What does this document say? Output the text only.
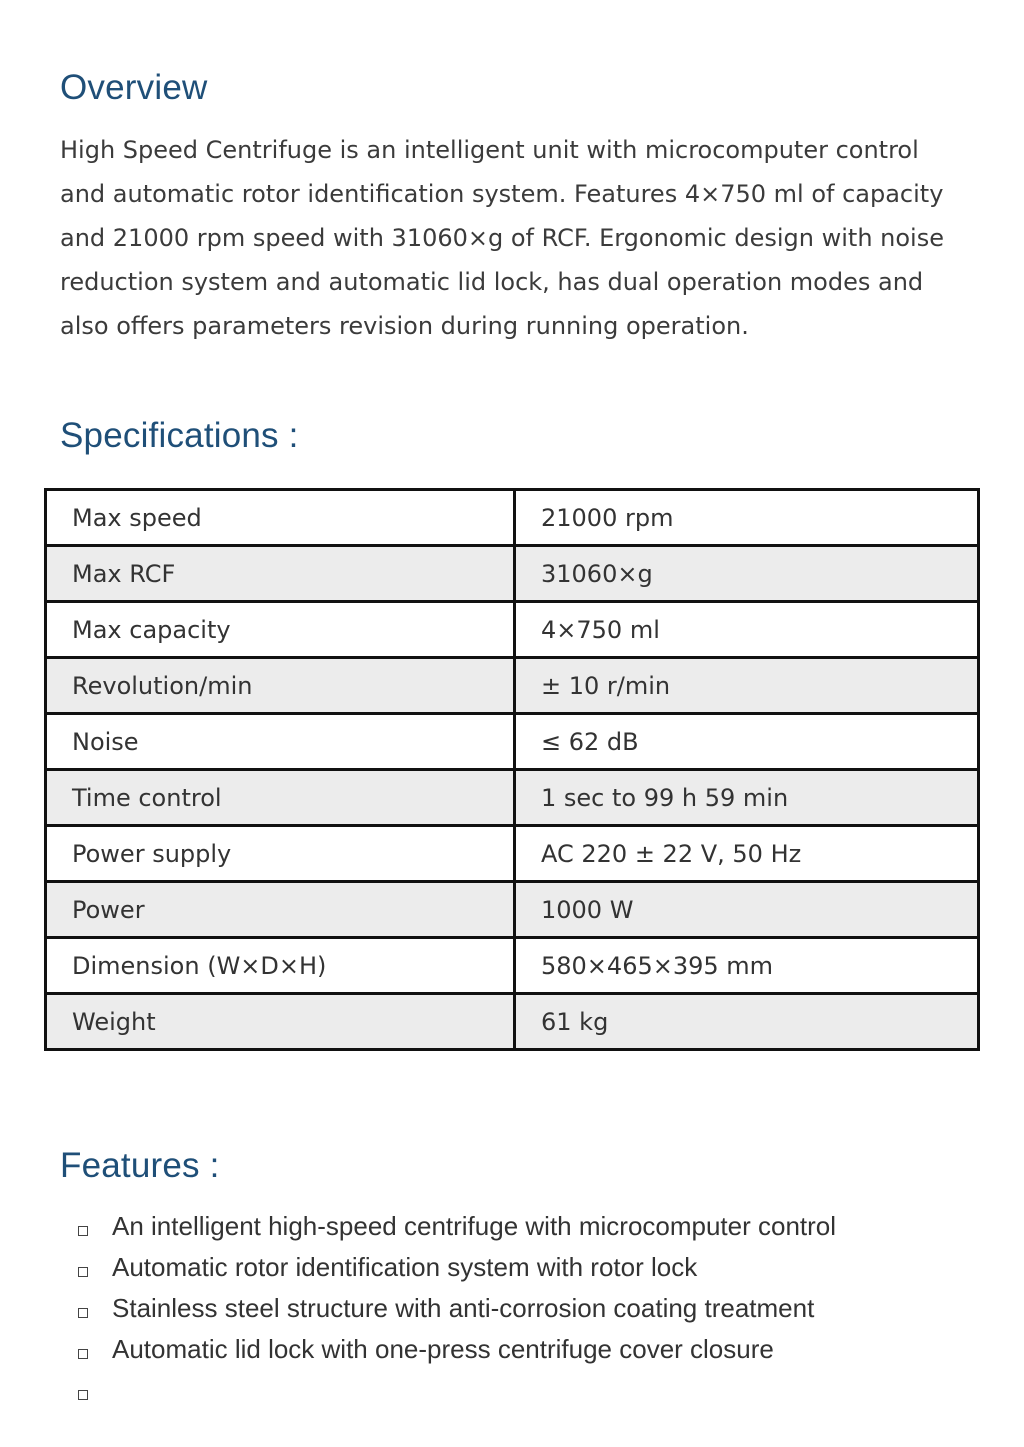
Overview

High Speed Centrifuge is an intelligent unit with microcomputer control and automatic rotor identification system. Features 4×750 ml of capacity and 21000 rpm speed with 31060×g of RCF. Ergonomic design with noise reduction system and automatic lid lock, has dual operation modes and also offers parameters revision during running operation.

Specifications :
Max speed	21000 rpm
Max RCF	31060×g
Max capacity	4×750 ml
Revolution/min	± 10 r/min
Noise	≤ 62 dB
Time control	1 sec to 99 h 59 min
Power supply	AC 220 ± 22 V, 50 Hz
Power	1000 W
Dimension (W×D×H)	580×465×395 mm
Weight	61 kg
Features :
An intelligent high-speed centrifuge with microcomputer control
Automatic rotor identification system with rotor lock
Stainless steel structure with anti-corrosion coating treatment
Automatic lid lock with one-press centrifuge cover closure
